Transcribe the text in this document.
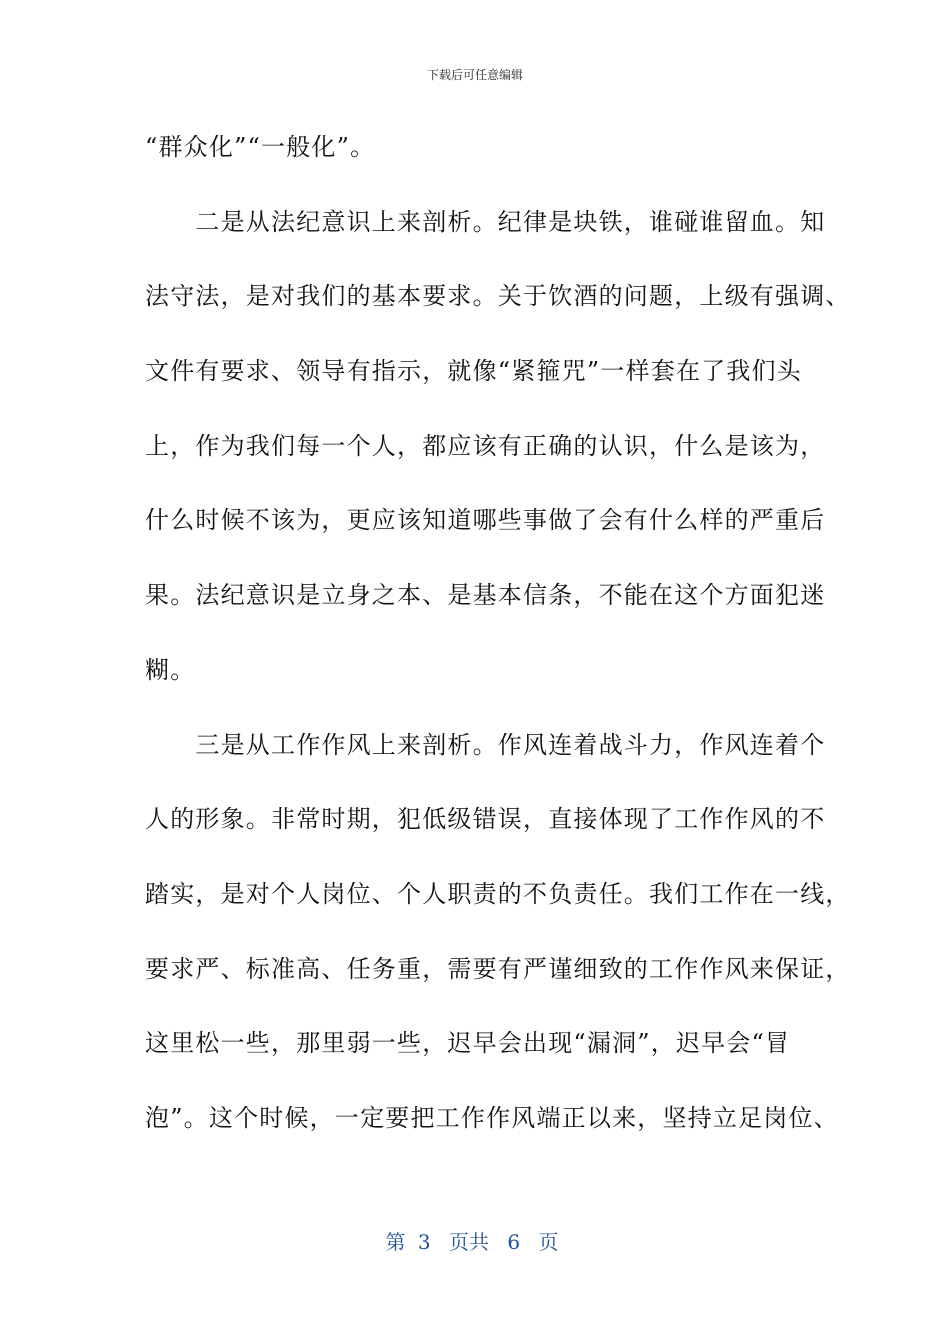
下载后可任意编辑
“群众化”“一般化”。
　　二是从法纪意识上来剖析。纪律是块铁，谁碰谁留血。知
法守法，是对我们的基本要求。关于饮酒的问题，上级有强调、
文件有要求、领导有指示，就像“紧箍咒”一样套在了我们头
上，作为我们每一个人，都应该有正确的认识，什么是该为，
什么时候不该为，更应该知道哪些事做了会有什么样的严重后
果。法纪意识是立身之本、是基本信条，不能在这个方面犯迷
糊。
　　三是从工作作风上来剖析。作风连着战斗力，作风连着个
人的形象。非常时期，犯低级错误，直接体现了工作作风的不
踏实，是对个人岗位、个人职责的不负责任。我们工作在一线，
要求严、标准高、任务重，需要有严谨细致的工作作风来保证，
这里松一些，那里弱一些，迟早会出现“漏洞”，迟早会“冒
泡”。这个时候，一定要把工作作风端正以来，坚持立足岗位、
第 3 页共 6 页
